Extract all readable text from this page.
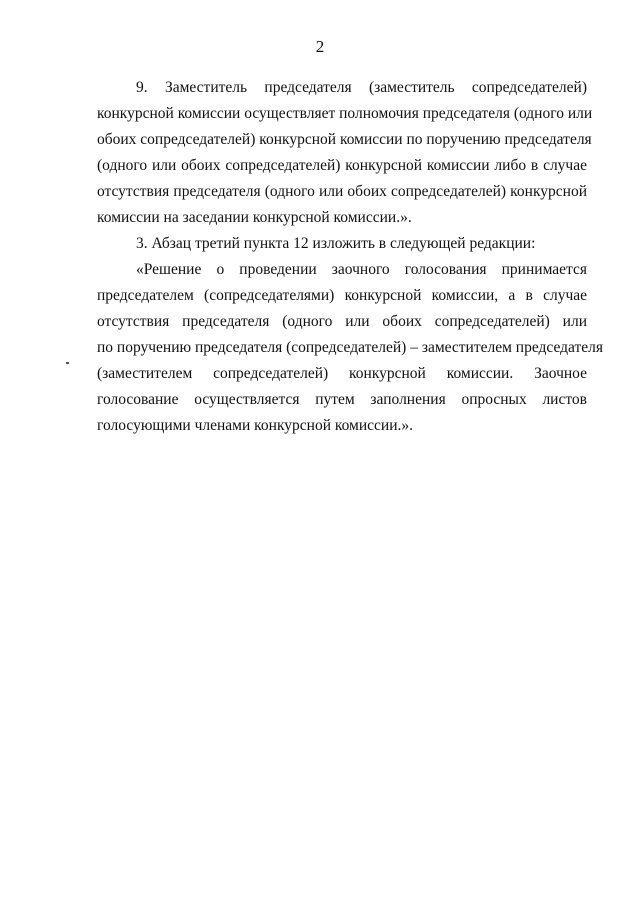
2
9. Заместитель председателя (заместитель сопредседателей)
конкурсной комиссии осуществляет полномочия председателя (одного или
обоих сопредседателей) конкурсной комиссии по поручению председателя
(одного или обоих сопредседателей) конкурсной комиссии либо в случае
отсутствия председателя (одного или обоих сопредседателей) конкурсной
комиссии на заседании конкурсной комиссии.».
3. Абзац третий пункта 12 изложить в следующей редакции:
«Решение о проведении заочного голосования принимается
председателем (сопредседателями) конкурсной комиссии, а в случае
отсутствия председателя (одного или обоих сопредседателей) или
по поручению председателя (сопредседателей) – заместителем председателя
(заместителем сопредседателей) конкурсной комиссии. Заочное
голосование осуществляется путем заполнения опросных листов
голосующими членами конкурсной комиссии.».
